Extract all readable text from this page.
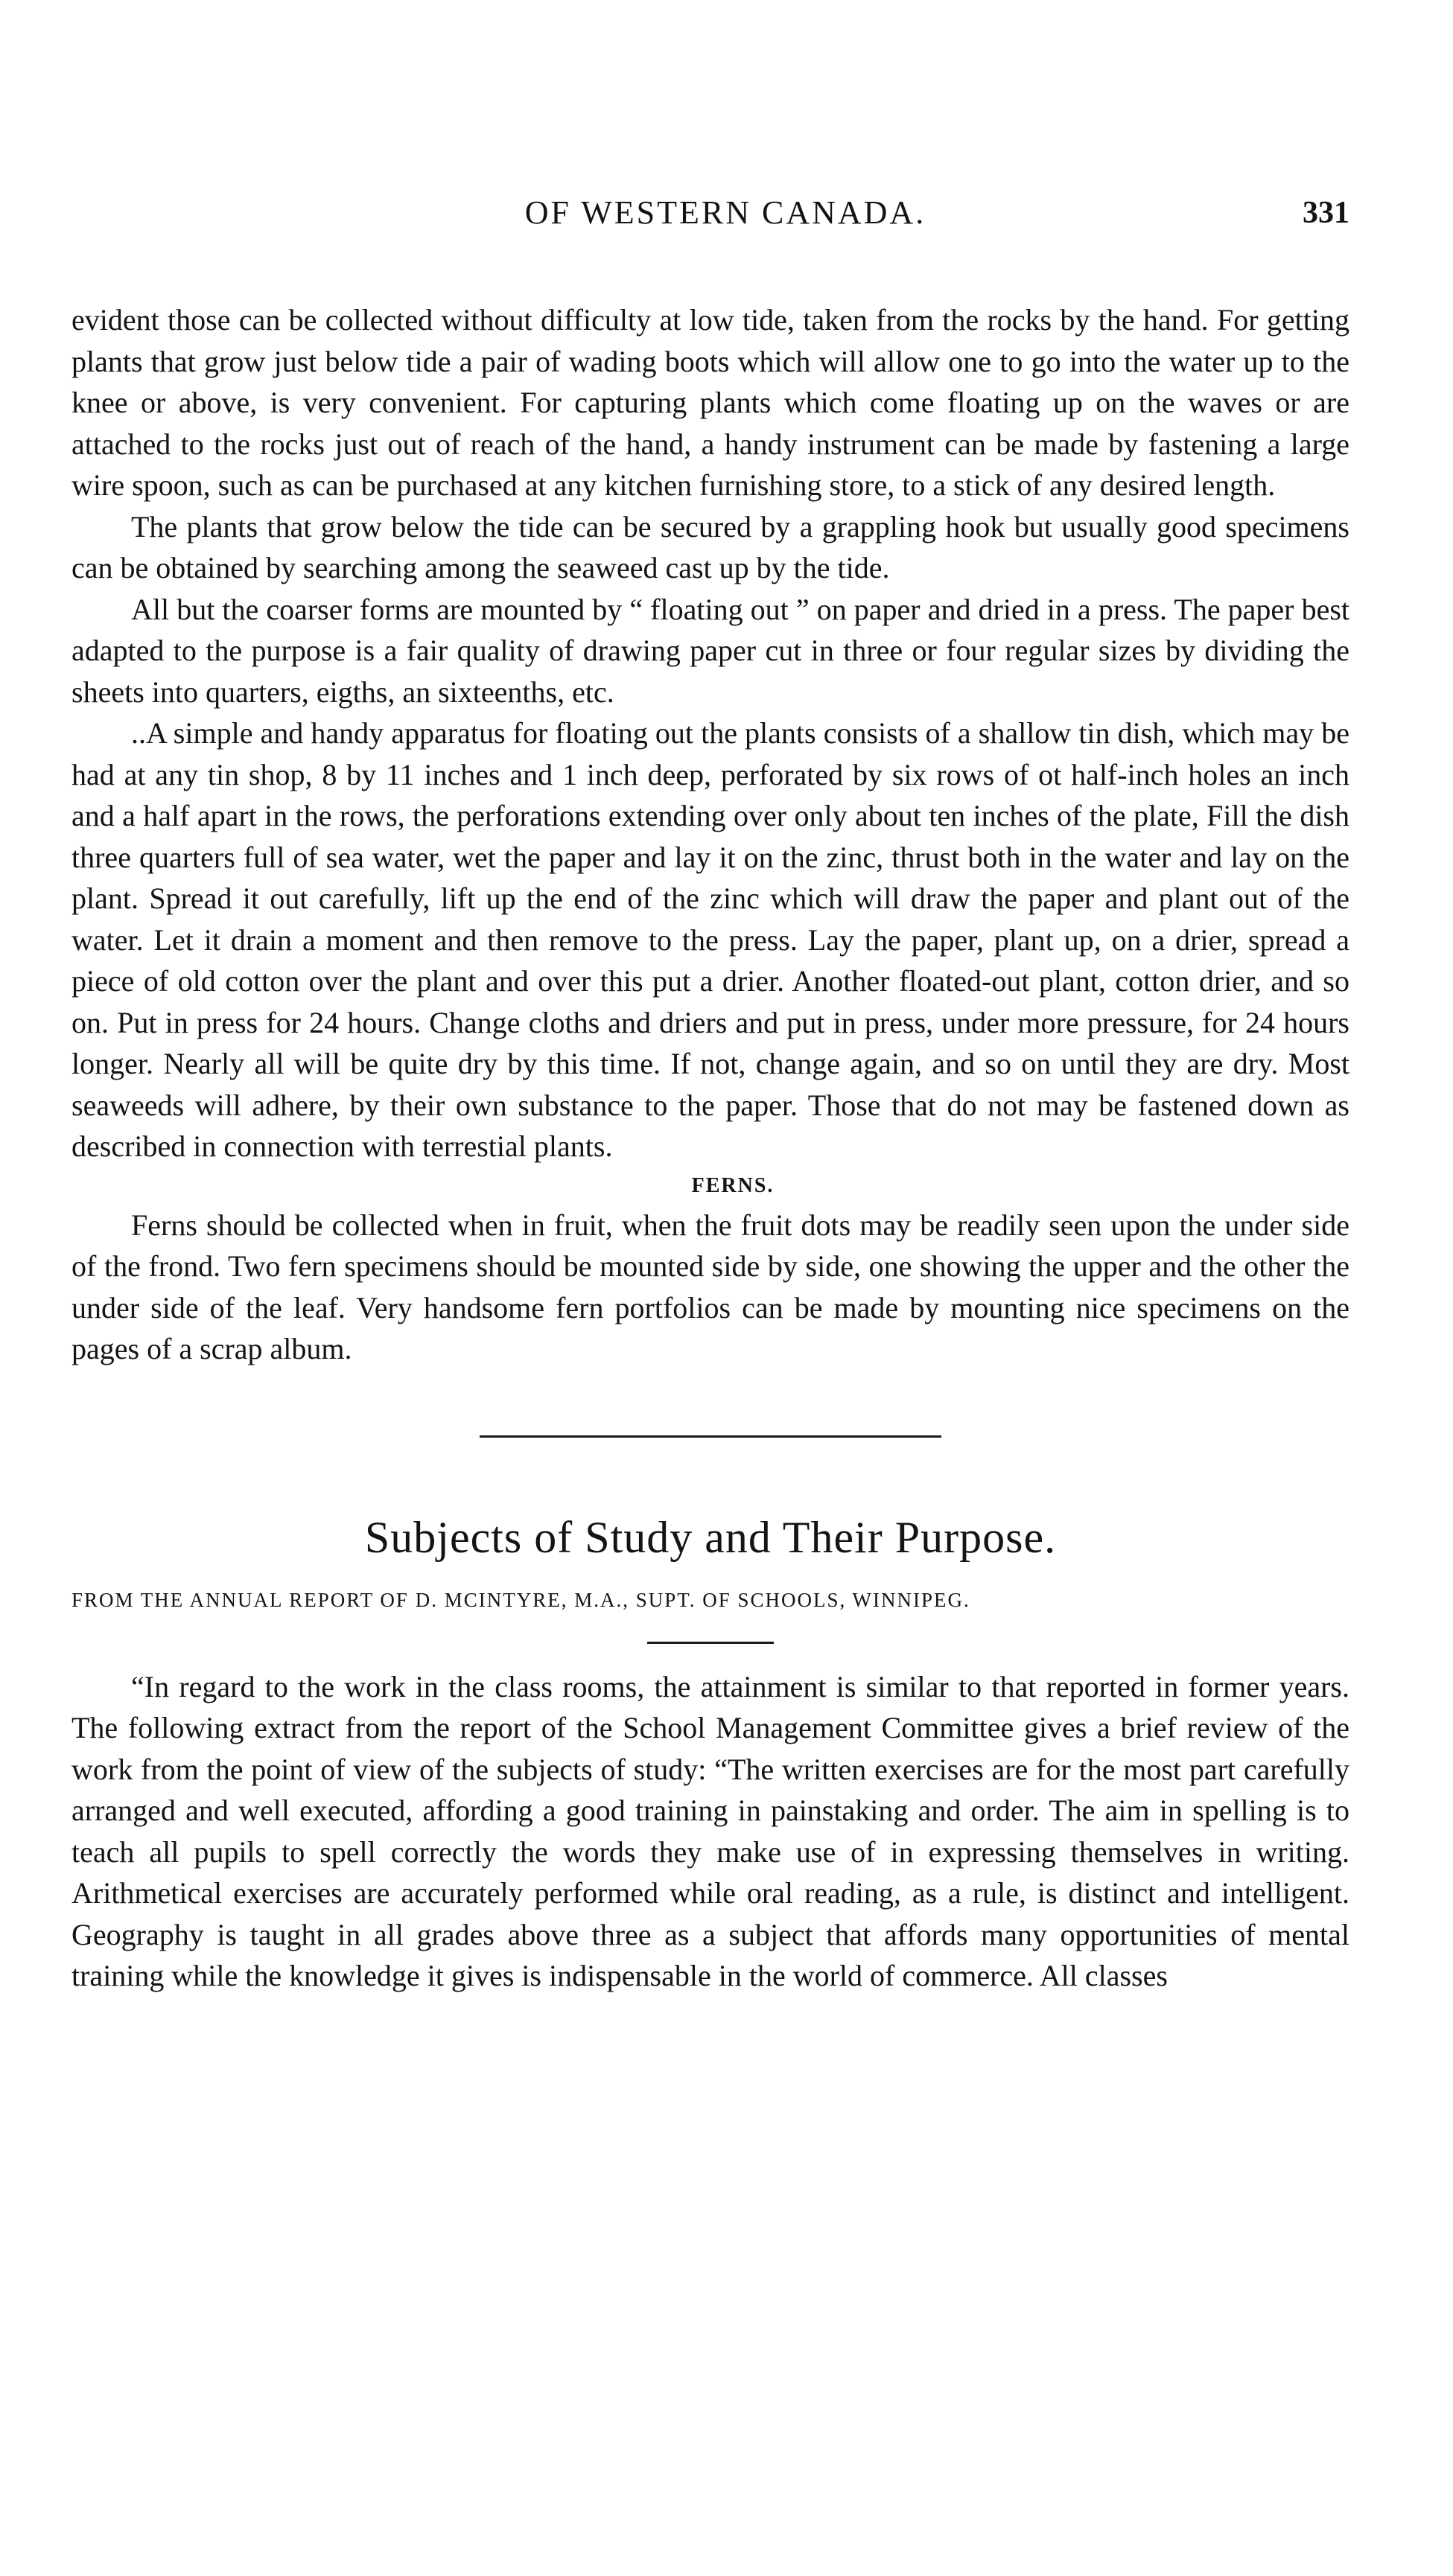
OF WESTERN CANADA.	331

evident those can be collected without difficulty at low tide, taken from the rocks by the hand. For getting plants that grow just below tide a pair of wading boots which will allow one to go into the water up to the knee or above, is very convenient. For capturing plants which come floating up on the waves or are attached to the rocks just out of reach of the hand, a handy instrument can be made by fastening a large wire spoon, such as can be purchased at any kitchen furnishing store, to a stick of any desired length.

The plants that grow below the tide can be secured by a grappling hook but usually good specimens can be obtained by searching among the seaweed cast up by the tide.

All but the coarser forms are mounted by “ floating out ” on paper and dried in a press. The paper best adapted to the purpose is a fair quality of drawing paper cut in three or four regular sizes by dividing the sheets into quarters, eigths, an sixteenths, etc.

..A simple and handy apparatus for floating out the plants consists of a shallow tin dish, which may be had at any tin shop, 8 by 11 inches and 1 inch deep, perforated by six rows of ot half-inch holes an inch and a half apart in the rows, the perforations extending over only about ten inches of the plate, Fill the dish three quarters full of sea water, wet the paper and lay it on the zinc, thrust both in the water and lay on the plant. Spread it out carefully, lift up the end of the zinc which will draw the paper and plant out of the water. Let it drain a moment and then remove to the press. Lay the paper, plant up, on a drier, spread a piece of old cotton over the plant and over this put a drier. Another floated-out plant, cotton drier, and so on. Put in press for 24 hours. Change cloths and driers and put in press, under more pressure, for 24 hours longer. Nearly all will be quite dry by this time. If not, change again, and so on until they are dry. Most seaweeds will adhere, by their own substance to the paper. Those that do not may be fastened down as described in connection with terrestial plants.

FERNS.

Ferns should be collected when in fruit, when the fruit dots may be readily seen upon the under side of the frond. Two fern specimens should be mounted side by side, one showing the upper and the other the under side of the leaf. Very handsome fern portfolios can be made by mounting nice specimens on the pages of a scrap album.

Subjects of Study and Their Purpose.
FROM THE ANNUAL REPORT OF D. MCINTYRE, M.A., SUPT. OF SCHOOLS, WINNIPEG.

“In regard to the work in the class rooms, the attainment is similar to that reported in former years. The following extract from the report of the School Management Committee gives a brief review of the work from the point of view of the subjects of study: “The written exercises are for the most part carefully arranged and well executed, affording a good training in painstaking and order. The aim in spelling is to teach all pupils to spell correctly the words they make use of in expressing themselves in writing. Arithmetical exercises are accurately performed while oral reading, as a rule, is distinct and intelligent. Geography is taught in all grades above three as a subject that affords many opportunities of mental training while the knowledge it gives is indispensable in the world of commerce. All classes
